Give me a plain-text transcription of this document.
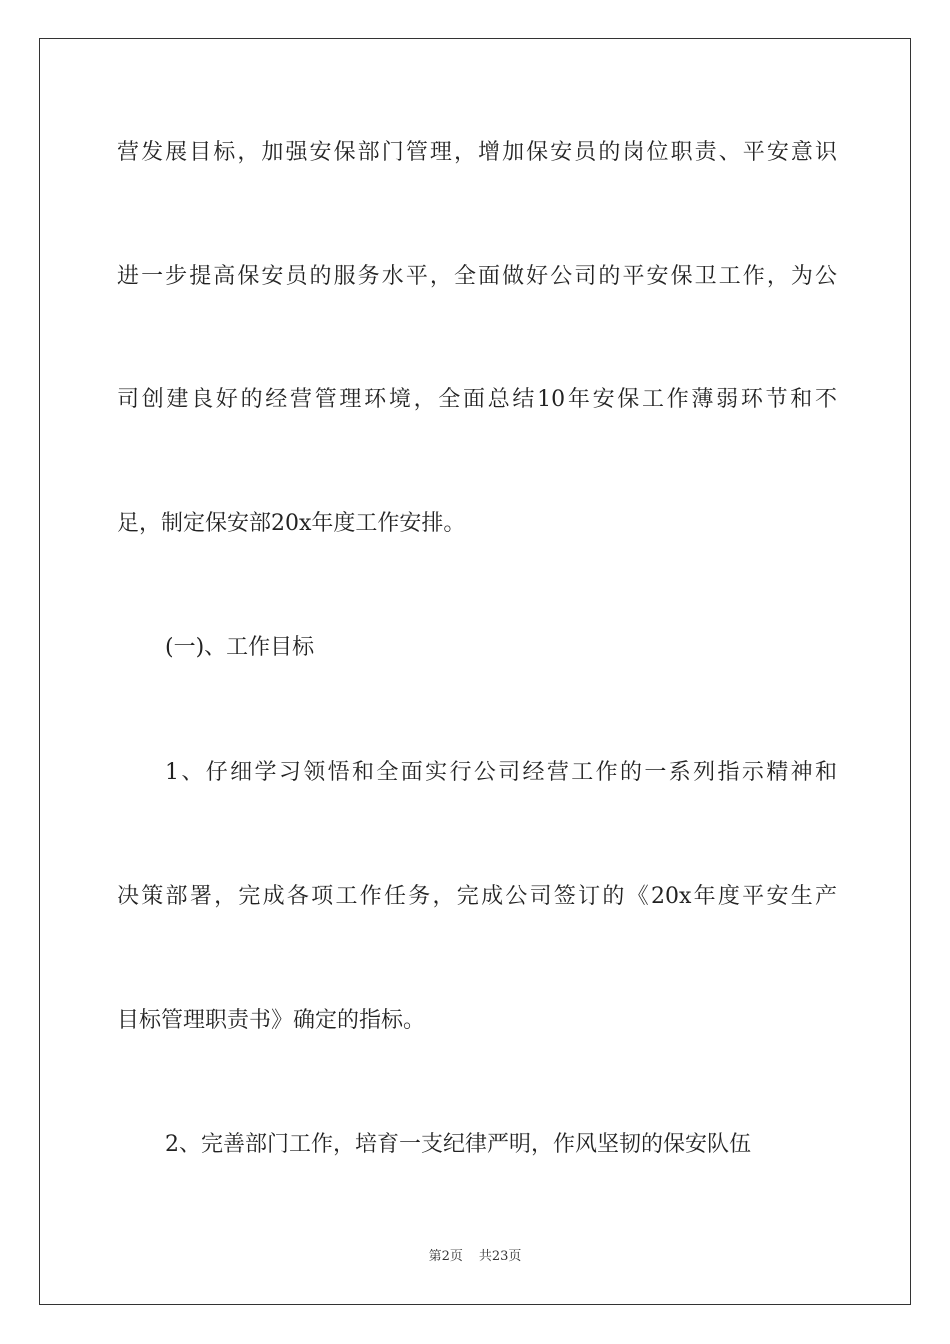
营发展目标，加强安保部门管理，增加保安员的岗位职责、平安意识
进一步提高保安员的服务水平，全面做好公司的平安保卫工作，为公
司创建良好的经营管理环境，全面总结10年安保工作薄弱环节和不
足，制定保安部20x年度工作安排。
(一)、工作目标
1、仔细学习领悟和全面实行公司经营工作的一系列指示精神和
决策部署，完成各项工作任务，完成公司签订的《20x年度平安生产
目标管理职责书》确定的指标。
2、完善部门工作，培育一支纪律严明，作风坚韧的保安队伍
第2页 共23页
